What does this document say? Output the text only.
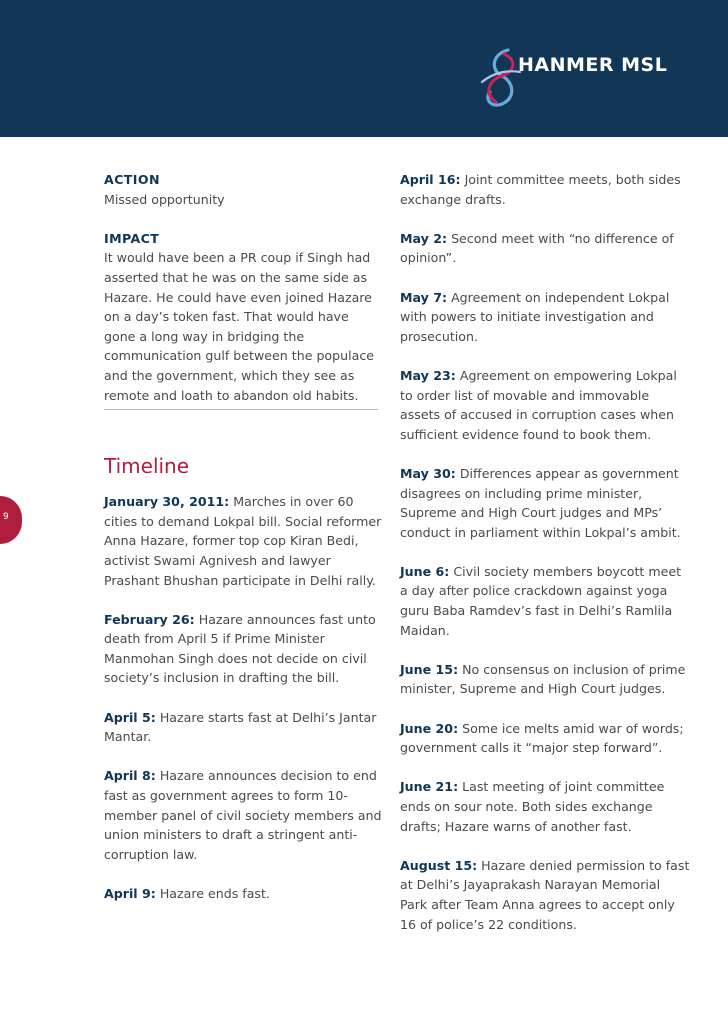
HANMER MSL
9

ACTION
Missed opportunity

IMPACT
It would have been a PR coup if Singh had asserted that he was on the same side as Hazare. He could have even joined Hazare on a day’s token fast. That would have gone a long way in bridging the communication gulf between the populace and the government, which they see as remote and loath to abandon old habits.

Timeline

January 30, 2011: Marches in over 60 cities to demand Lokpal bill. Social reformer Anna Hazare, former top cop Kiran Bedi, activist Swami Agnivesh and lawyer Prashant Bhushan participate in Delhi rally.

February 26: Hazare announces fast unto death from April 5 if Prime Minister Manmohan Singh does not decide on civil society’s inclusion in drafting the bill.

April 5: Hazare starts fast at Delhi’s Jantar Mantar.

April 8: Hazare announces decision to end fast as government agrees to form 10-member panel of civil society members and union ministers to draft a stringent anti-corruption law.

April 9: Hazare ends fast.

April 16: Joint committee meets, both sides exchange drafts.

May 2: Second meet with “no difference of opinion”.

May 7: Agreement on independent Lokpal with powers to initiate investigation and prosecution.

May 23: Agreement on empowering Lokpal to order list of movable and immovable assets of accused in corruption cases when sufficient evidence found to book them.

May 30: Differences appear as government disagrees on including prime minister, Supreme and High Court judges and MPs’ conduct in parliament within Lokpal’s ambit.

June 6: Civil society members boycott meet a day after police crackdown against yoga guru Baba Ramdev’s fast in Delhi’s Ramlila Maidan.

June 15: No consensus on inclusion of prime minister, Supreme and High Court judges.

June 20: Some ice melts amid war of words; government calls it “major step forward”.

June 21: Last meeting of joint committee ends on sour note. Both sides exchange drafts; Hazare warns of another fast.

August 15: Hazare denied permission to fast at Delhi’s Jayaprakash Narayan Memorial Park after Team Anna agrees to accept only 16 of police’s 22 conditions.
